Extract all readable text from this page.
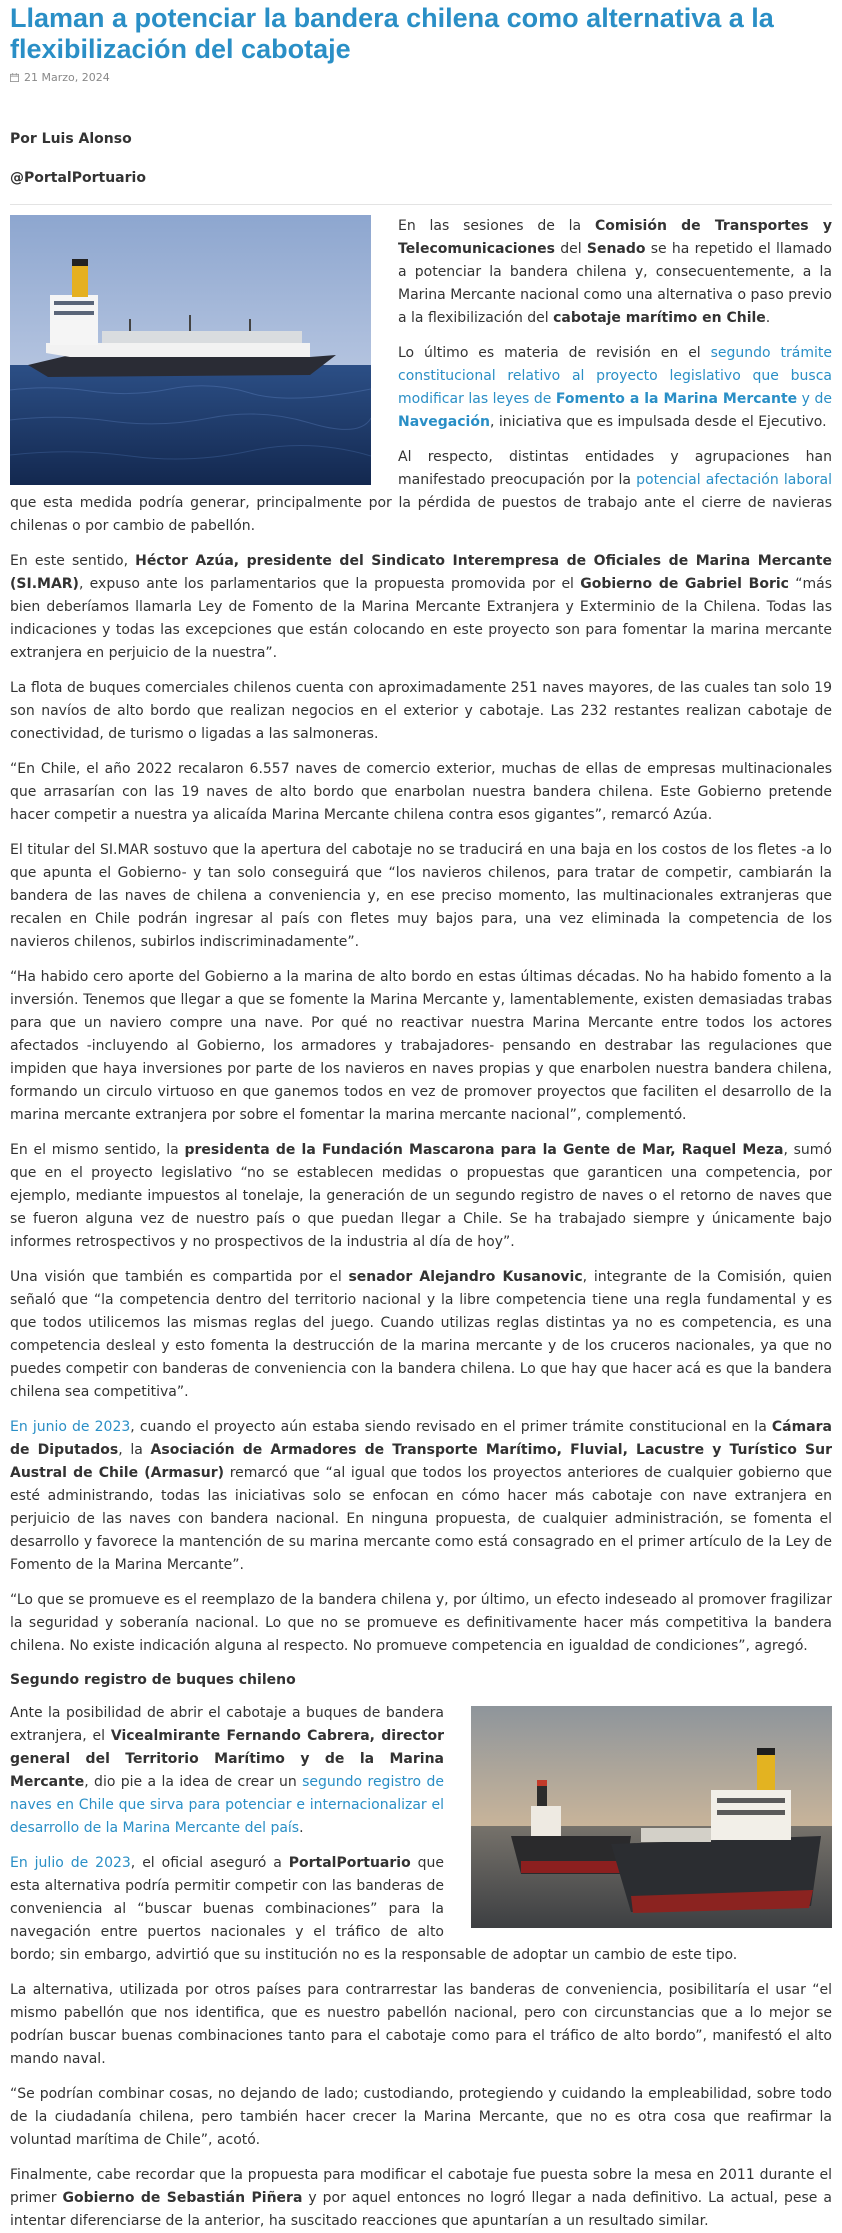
Llaman a potenciar la bandera chilena como alternativa a la flexibilización del cabotaje
21 Marzo, 2024

Por Luis Alonso

@PortalPortuario

En las sesiones de la Comisión de Transportes y Telecomunicaciones del Senado se ha repetido el llamado a potenciar la bandera chilena y, consecuentemente, a la Marina Mercante nacional como una alternativa o paso previo a la flexibilización del cabotaje marítimo en Chile.

Lo último es materia de revisión en el segundo trámite constitucional relativo al proyecto legislativo que busca modificar las leyes de Fomento a la Marina Mercante y de Navegación, iniciativa que es impulsada desde el Ejecutivo.

Al respecto, distintas entidades y agrupaciones han manifestado preocupación por la potencial afectación laboral que esta medida podría generar, principalmente por la pérdida de puestos de trabajo ante el cierre de navieras chilenas o por cambio de pabellón.

En este sentido, Héctor Azúa, presidente del Sindicato Interempresa de Oficiales de Marina Mercante (SI.MAR), expuso ante los parlamentarios que la propuesta promovida por el Gobierno de Gabriel Boric “más bien deberíamos llamarla Ley de Fomento de la Marina Mercante Extranjera y Exterminio de la Chilena. Todas las indicaciones y todas las excepciones que están colocando en este proyecto son para fomentar la marina mercante extranjera en perjuicio de la nuestra”.

La flota de buques comerciales chilenos cuenta con aproximadamente 251 naves mayores, de las cuales tan solo 19 son navíos de alto bordo que realizan negocios en el exterior y cabotaje. Las 232 restantes realizan cabotaje de conectividad, de turismo o ligadas a las salmoneras.

“En Chile, el año 2022 recalaron 6.557 naves de comercio exterior, muchas de ellas de empresas multinacionales que arrasarían con las 19 naves de alto bordo que enarbolan nuestra bandera chilena. Este Gobierno pretende hacer competir a nuestra ya alicaída Marina Mercante chilena contra esos gigantes”, remarcó Azúa.

El titular del SI.MAR sostuvo que la apertura del cabotaje no se traducirá en una baja en los costos de los fletes -a lo que apunta el Gobierno- y tan solo conseguirá que “los navieros chilenos, para tratar de competir, cambiarán la bandera de las naves de chilena a conveniencia y, en ese preciso momento, las multinacionales extranjeras que recalen en Chile podrán ingresar al país con fletes muy bajos para, una vez eliminada la competencia de los navieros chilenos, subirlos indiscriminadamente”.

“Ha habido cero aporte del Gobierno a la marina de alto bordo en estas últimas décadas. No ha habido fomento a la inversión. Tenemos que llegar a que se fomente la Marina Mercante y, lamentablemente, existen demasiadas trabas para que un naviero compre una nave. Por qué no reactivar nuestra Marina Mercante entre todos los actores afectados -incluyendo al Gobierno, los armadores y trabajadores- pensando en destrabar las regulaciones que impiden que haya inversiones por parte de los navieros en naves propias y que enarbolen nuestra bandera chilena, formando un circulo virtuoso en que ganemos todos en vez de promover proyectos que faciliten el desarrollo de la marina mercante extranjera por sobre el fomentar la marina mercante nacional”, complementó.

En el mismo sentido, la presidenta de la Fundación Mascarona para la Gente de Mar, Raquel Meza, sumó que en el proyecto legislativo “no se establecen medidas o propuestas que garanticen una competencia, por ejemplo, mediante impuestos al tonelaje, la generación de un segundo registro de naves o el retorno de naves que se fueron alguna vez de nuestro país o que puedan llegar a Chile. Se ha trabajado siempre y únicamente bajo informes retrospectivos y no prospectivos de la industria al día de hoy”.

Una visión que también es compartida por el senador Alejandro Kusanovic, integrante de la Comisión, quien señaló que “la competencia dentro del territorio nacional y la libre competencia tiene una regla fundamental y es que todos utilicemos las mismas reglas del juego. Cuando utilizas reglas distintas ya no es competencia, es una competencia desleal y esto fomenta la destrucción de la marina mercante y de los cruceros nacionales, ya que no puedes competir con banderas de conveniencia con la bandera chilena. Lo que hay que hacer acá es que la bandera chilena sea competitiva”.

En junio de 2023, cuando el proyecto aún estaba siendo revisado en el primer trámite constitucional en la Cámara de Diputados, la Asociación de Armadores de Transporte Marítimo, Fluvial, Lacustre y Turístico Sur Austral de Chile (Armasur) remarcó que “al igual que todos los proyectos anteriores de cualquier gobierno que esté administrando, todas las iniciativas solo se enfocan en cómo hacer más cabotaje con nave extranjera en perjuicio de las naves con bandera nacional. En ninguna propuesta, de cualquier administración, se fomenta el desarrollo y favorece la mantención de su marina mercante como está consagrado en el primer artículo de la Ley de Fomento de la Marina Mercante”.

“Lo que se promueve es el reemplazo de la bandera chilena y, por último, un efecto indeseado al promover fragilizar la seguridad y soberanía nacional. Lo que no se promueve es definitivamente hacer más competitiva la bandera chilena. No existe indicación alguna al respecto. No promueve competencia en igualdad de condiciones”, agregó.

Segundo registro de buques chileno

Ante la posibilidad de abrir el cabotaje a buques de bandera extranjera, el Vicealmirante Fernando Cabrera, director general del Territorio Marítimo y de la Marina Mercante, dio pie a la idea de crear un segundo registro de naves en Chile que sirva para potenciar e internacionalizar el desarrollo de la Marina Mercante del país.

En julio de 2023, el oficial aseguró a PortalPortuario que esta alternativa podría permitir competir con las banderas de conveniencia al “buscar buenas combinaciones” para la navegación entre puertos nacionales y el tráfico de alto bordo; sin embargo, advirtió que su institución no es la responsable de adoptar un cambio de este tipo.

La alternativa, utilizada por otros países para contrarrestar las banderas de conveniencia, posibilitaría el usar “el mismo pabellón que nos identifica, que es nuestro pabellón nacional, pero con circunstancias que a lo mejor se podrían buscar buenas combinaciones tanto para el cabotaje como para el tráfico de alto bordo”, manifestó el alto mando naval.

“Se podrían combinar cosas, no dejando de lado; custodiando, protegiendo y cuidando la empleabilidad, sobre todo de la ciudadanía chilena, pero también hacer crecer la Marina Mercante, que no es otra cosa que reafirmar la voluntad marítima de Chile”, acotó.

Finalmente, cabe recordar que la propuesta para modificar el cabotaje fue puesta sobre la mesa en 2011 durante el primer Gobierno de Sebastián Piñera y por aquel entonces no logró llegar a nada definitivo. La actual, pese a intentar diferenciarse de la anterior, ha suscitado reacciones que apuntarían a un resultado similar.
